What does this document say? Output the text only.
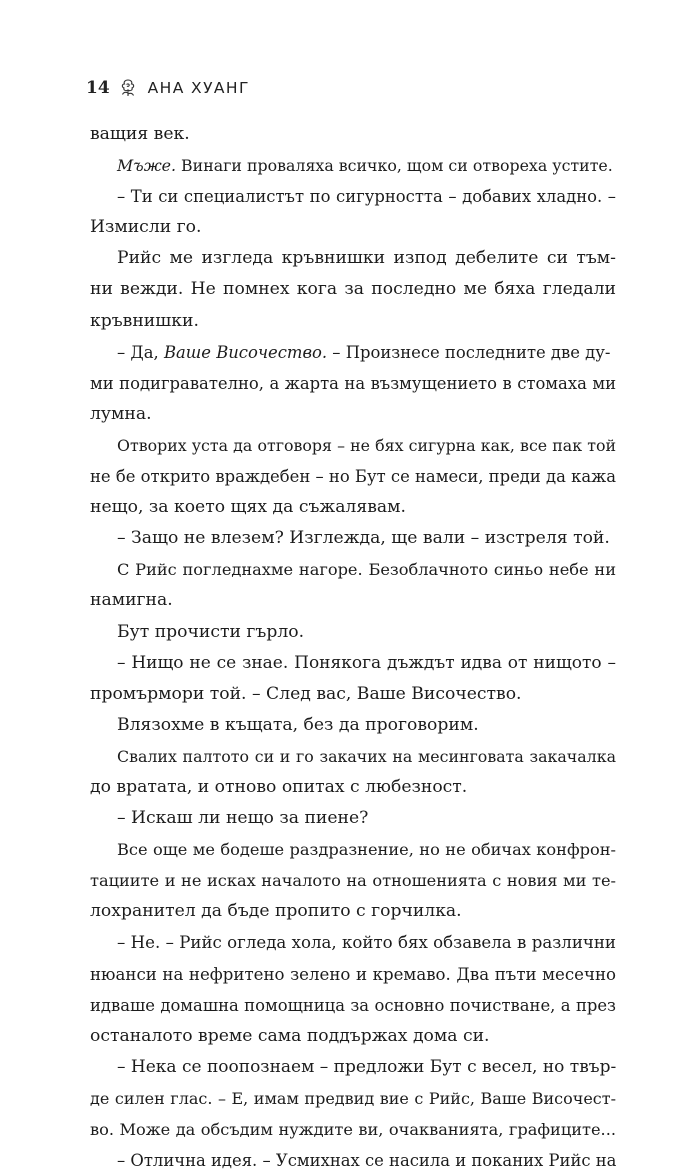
14 АНА ХУАНГ
ващия век.
Мъже. Винаги проваляха всичко, щом си отвореха устите.
– Ти си специалистът по сигурността – добавих хладно. –
Измисли го.
Рийс ме изгледа кръвнишки изпод дебелите си тъм-
ни вежди. Не помнех кога за последно ме бяха гледали
кръвнишки.
– Да, Ваше Височество. – Произнесе последните две ду-
ми подигравателно, а жарта на възмущението в стомаха ми
лумна.
Отворих уста да отговоря – не бях сигурна как, все пак той
не бе открито враждебен – но Бут се намеси, преди да кажа
нещо, за което щях да съжалявам.
– Защо не влезем? Изглежда, ще вали – изстреля той.
С Рийс погледнахме нагоре. Безоблачното синьо небе ни
намигна.
Бут прочисти гърло.
– Нищо не се знае. Понякога дъждът идва от нищото –
промърмори той. – След вас, Ваше Височество.
Влязохме в къщата, без да проговорим.
Свалих палтото си и го закачих на месинговата закачалка
до вратата, и отново опитах с любезност.
– Искаш ли нещо за пиене?
Все още ме бодеше раздразнение, но не обичах конфрон-
тациите и не исках началото на отношенията с новия ми те-
лохранител да бъде пропито с горчилка.
– Не. – Рийс огледа хола, който бях обзавела в различни
нюанси на нефритено зелено и кремаво. Два пъти месечно
идваше домашна помощница за основно почистване, а през
останалото време сама поддържах дома си.
– Нека се поопознаем – предложи Бут с весел, но твър-
де силен глас. – Е, имам предвид вие с Рийс, Ваше Височест-
во. Може да обсъдим нуждите ви, очакванията, графиците...
– Отлична идея. – Усмихнах се насила и поканих Рийс на
